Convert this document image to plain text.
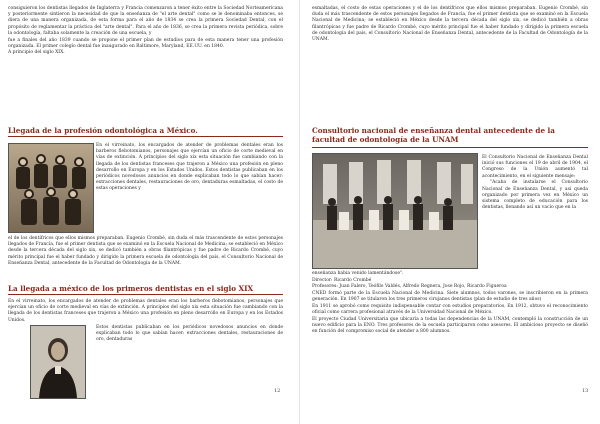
consiguieron los dentistas llegados de Inglaterra y Francia comenzaron a tener éxito entre la Sociedad Norteamericana y posteriormente sintieron la necesidad de que la enseñanza de "el arte dental" como se le denominaba entonces, se diera de una manera organizada, de esta forma para el año de 1834 se crea la primera Sociedad Dental, con el propósito de reglamentar la práctica del "arte dental". Para el año de 1836, se crea la primera revista periódica, sobre la odontología, faltaba solamente la creación de una escuela, y

fue a finales del año 1839 cuando se propone el primer plan de estudios para de esta manera tener una profesión organizada. El primer colegio dental fue inaugurado en Baltimore, Maryland, EE.UU. en 1840.

A principio del siglo XIX.

Llegada de la profesión odontológica a México.

En el virreinato, los encargados de atender de problemas dentales eran los barberos flebotomianos, personajes que ejercían un oficio de corte medieval en vías de extinción. A principios del siglo xix esta situación fue cambiando con la llegada de los dentistas franceses que trajeron a México una profesión en pleno desarrollo en Europa y en los Estados Unidos. Estos dentistas publicaban en los periódicos novedosos anuncios en donde explicaban todo lo que sabían hacer: extracciones dentales, restauraciones de oro, dentaduras esmaltadas, el costo de estas operaciones y

el de los dentífricos que ellos mismos preparaban. Eugenio Crombé, sin duda el más trascendente de estos personajes llegados de Francia, fue el primer dentista que se examinó en la Escuela Nacional de Medicina; se estableció en México desde la tercera década del siglo xix, se dedicó también a obras filantrópicas y fue padre de Ricardo Crombé, cuyo mérito principal fue el haber fundado y dirigido la primera escuela de odontología del país, el Consultorio Nacional de Enseñanza Dental, antecedente de la Facultad de Odontología de la UNAM.

La llegada a méxico de los primeros dentistas en el siglo XIX

En el virreinato, los encargados de atender de problemas dentales eran los barberos flebotomianos, personajes que ejercían un oficio de corte medieval en vías de extinción. A principios del siglo xix esta situación fue cambiando con la llegada de los dentistas franceses que trajeron a México una profesión en pleno desarrollo en Europa y en los Estados Unidos.

Estos dentistas publicaban en los periódicos novedosos anuncios en donde explicaban todo lo que sabían hacer: extracciones dentales, restauraciones de oro, dentaduras

12

esmaltadas, el costo de estas operaciones y el de los dentífricos que ellos mismos preparaban. Eugenio Crombé, sin duda el más trascendente de estos personajes llegados de Francia, fue el primer dentista que se examinó en la Escuela Nacional de Medicina; se estableció en México desde la tercera década del siglo xix, se dedicó también a obras filantrópicas y fue padre de Ricardo Crombé, cuyo mérito principal fue el haber fundado y dirigido la primera escuela de odontología del país, el Consultorio Nacional de Enseñanza Dental, antecedente de la Facultad de Odontología de la UNAM.

Consultorio nacional de enseñanza dental antecedente de la facultad de odontología de la UNAM

El Consultorio Nacional de Enseñanza Dental inició sus funciones el 19 de abril de 1904, el Congreso de la Unión aumentó tal acontecimiento, en el siguiente mensaje:

"Acaba de instalarse el Consultorio Nacional de Enseñanza Dental, y así queda organizado por primera vez en México un sistema completo de educación para los dentistas, llenando así un vacío que en la

enseñanza había venido lamentándose".

Director: Ricardo Crombé

Profesores: Juan Falero, Teófilo Valdés, Alfredo Regnera, Jose Rojo, Ricardo Figueroa

CNED formó parte de la Escuela Nacional de Medicina. Siete alumnos, todos varones, se inscribieron en la primera generación. En 1907 se titularon los tres primeros cirujanos dentistas (plan de estudio de tres años)

En 1911 se aprobó como requisito indispensable contar con estudios preparatorios. En 1912, obtuvo el reconocimiento oficial como carrera profesional através de la Universidad Nacional de México.

El proyecto Ciudad Universitaria que ubicaría a todas las dependencias de la UNAM, contempló la construcción de un nuevo edificio para la ENO. Tres profesores de la escuela participaron como asesores. El ambicioso proyecto se diseñó en función del compromiso social de atender a 800 alumnos.

13
